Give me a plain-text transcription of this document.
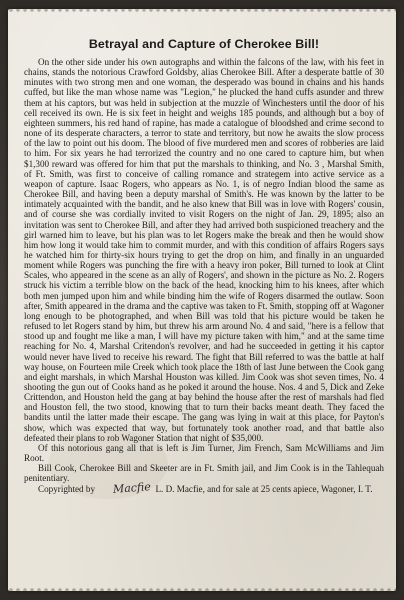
Betrayal and Capture of Cherokee Bill!

On the other side under his own autographs and within the falcons of the law, with his feet in chains, stands the notorious Crawford Goldsby, alias Cherokee Bill. After a desperate battle of 30 minutes with two strong men and one woman, the desperado was bound in chains and his hands cuffed, but like the man whose name was "Legion," he plucked the hand cuffs asunder and threw them at his captors, but was held in subjection at the muzzle of Winchesters until the door of his cell received its own. He is six feet in height and weighs 185 pounds, and although but a boy of eighteen summers, his red hand of rapine, has made a catalogue of bloodshed and crime second to none of its desperate characters, a terror to state and territory, but now he awaits the slow process of the law to point out his doom. The blood of five murdered men and scores of robberies are laid to him. For six years he had terrorized the country and no one cared to capture him, but when $1,300 reward was offered for him that put the marshals to thinking, and No. 3 , Marshal Smith, of Ft. Smith, was first to conceive of calling romance and strategem into active service as a weapon of capture. Isaac Rogers, who appears as No. 1, is of negro Indian blood the same as Cherokee Bill, and having been a deputy marshal of Smith's. He was known by the latter to be intimately acquainted with the bandit, and he also knew that Bill was in love with Rogers' cousin, and of course she was cordially invited to visit Rogers on the night of Jan. 29, 1895; also an invitation was sent to Cherokee Bill, and after they had arrived both suspicioned treachery and the girl warned him to leave, but his plan was to let Rogers make the break and then he would show him how long it would take him to commit murder, and with this condition of affairs Rogers says he watched him for thirty-six hours trying to get the drop on him, and finally in an unguarded moment while Rogers was punching the fire with a heavy iron poker, Bill turned to look at Clint Scales, who appeared in the scene as an ally of Rogers', and shown in the picture as No. 2. Rogers struck his victim a terrible blow on the back of the head, knocking him to his knees, after which both men jumped upon him and while binding him the wife of Rogers disarmed the outlaw. Soon after, Smith appeared in the drama and the captive was taken to Ft. Smith, stopping off at Wagoner long enough to be photographed, and when Bill was told that his picture would be taken he refused to let Rogers stand by him, but threw his arm around No. 4 and said, "here is a fellow that stood up and fought me like a man, I will have my picture taken with him," and at the same time reaching for No. 4, Marshal Critendon's revolver, and had he succeeded in getting it his captor would never have lived to receive his reward. The fight that Bill referred to was the battle at half way house, on Fourteen mile Creek which took place the 18th of last June between the Cook gang and eight marshals, in which Marshal Houston was killed. Jim Cook was shot seven times, No. 4 shooting the gun out of Cooks hand as he poked it around the house. Nos. 4 and 5, Dick and Zeke Crittendon, and Houston held the gang at bay behind the house after the rest of marshals had fled and Houston fell, the two stood, knowing that to turn their backs meant death. They faced the bandits until the latter made their escape. The gang was lying in wait at this place, for Payton's show, which was expected that way, but fortunately took another road, and that battle also defeated their plans to rob Wagoner Station that night of $35,000.

Of this notorious gang all that is left is Jim Turner, Jim French, Sam McWilliams and Jim Root.

Bill Cook, Cherokee Bill and Skeeter are in Ft. Smith jail, and Jim Cook is in the Tahlequah penitentiary.

Copyrighted by Macfie L. D. Macfie, and for sale at 25 cents apiece, Wagoner, I. T.
